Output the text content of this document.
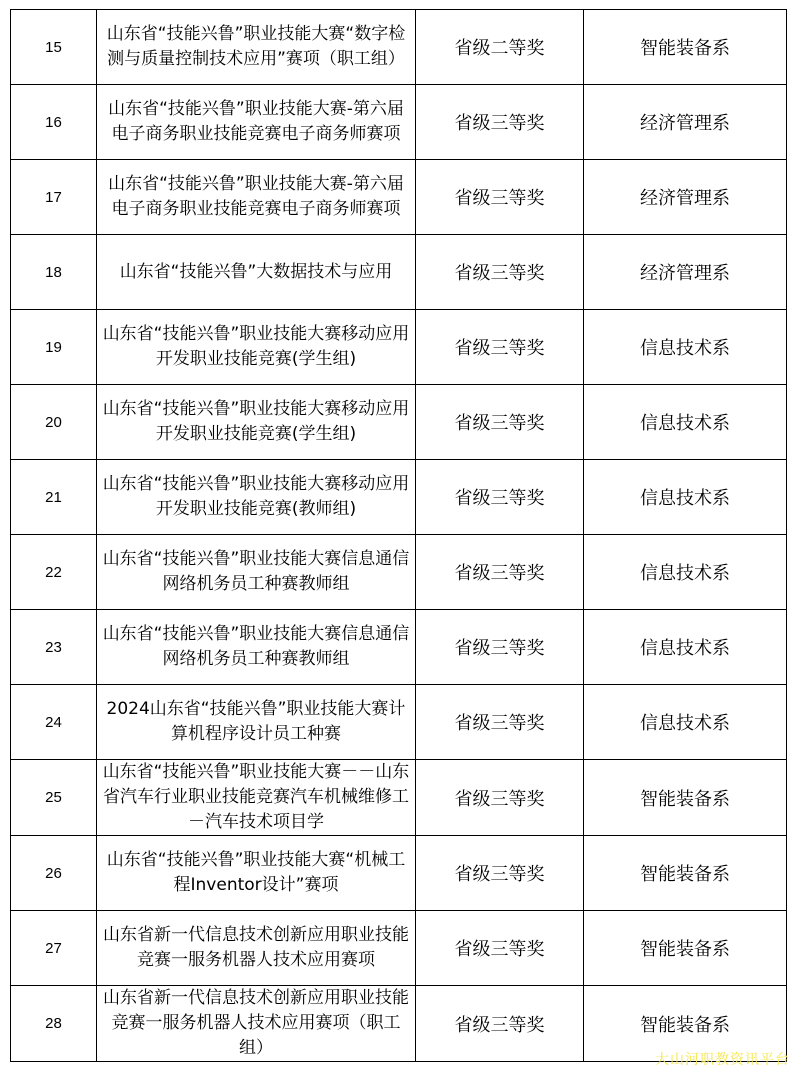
15	山东省“技能兴鲁”职业技能大赛“数字检测与质量控制技术应用”赛项（职工组）	省级二等奖	智能装备系
16	山东省“技能兴鲁”职业技能大赛-第六届电子商务职业技能竞赛电子商务师赛项	省级三等奖	经济管理系
17	山东省“技能兴鲁”职业技能大赛-第六届电子商务职业技能竞赛电子商务师赛项	省级三等奖	经济管理系
18	山东省“技能兴鲁”大数据技术与应用	省级三等奖	经济管理系
19	山东省“技能兴鲁”职业技能大赛移动应用开发职业技能竞赛(学生组)	省级三等奖	信息技术系
20	山东省“技能兴鲁”职业技能大赛移动应用开发职业技能竞赛(学生组)	省级三等奖	信息技术系
21	山东省“技能兴鲁”职业技能大赛移动应用开发职业技能竞赛(教师组)	省级三等奖	信息技术系
22	山东省“技能兴鲁”职业技能大赛信息通信网络机务员工种赛教师组	省级三等奖	信息技术系
23	山东省“技能兴鲁”职业技能大赛信息通信网络机务员工种赛教师组	省级三等奖	信息技术系
24	2024山东省“技能兴鲁”职业技能大赛计算机程序设计员工种赛	省级三等奖	信息技术系
25	山东省“技能兴鲁”职业技能大赛－－山东省汽车行业职业技能竞赛汽车机械维修工－汽车技术项目学	省级三等奖	智能装备系
26	山东省“技能兴鲁”职业技能大赛“机械工程Inventor设计”赛项	省级三等奖	智能装备系
27	山东省新一代信息技术创新应用职业技能竞赛一服务机器人技术应用赛项	省级三等奖	智能装备系
28	山东省新一代信息技术创新应用职业技能竞赛一服务机器人技术应用赛项（职工组）	省级三等奖	智能装备系
大山河职教资讯平台
